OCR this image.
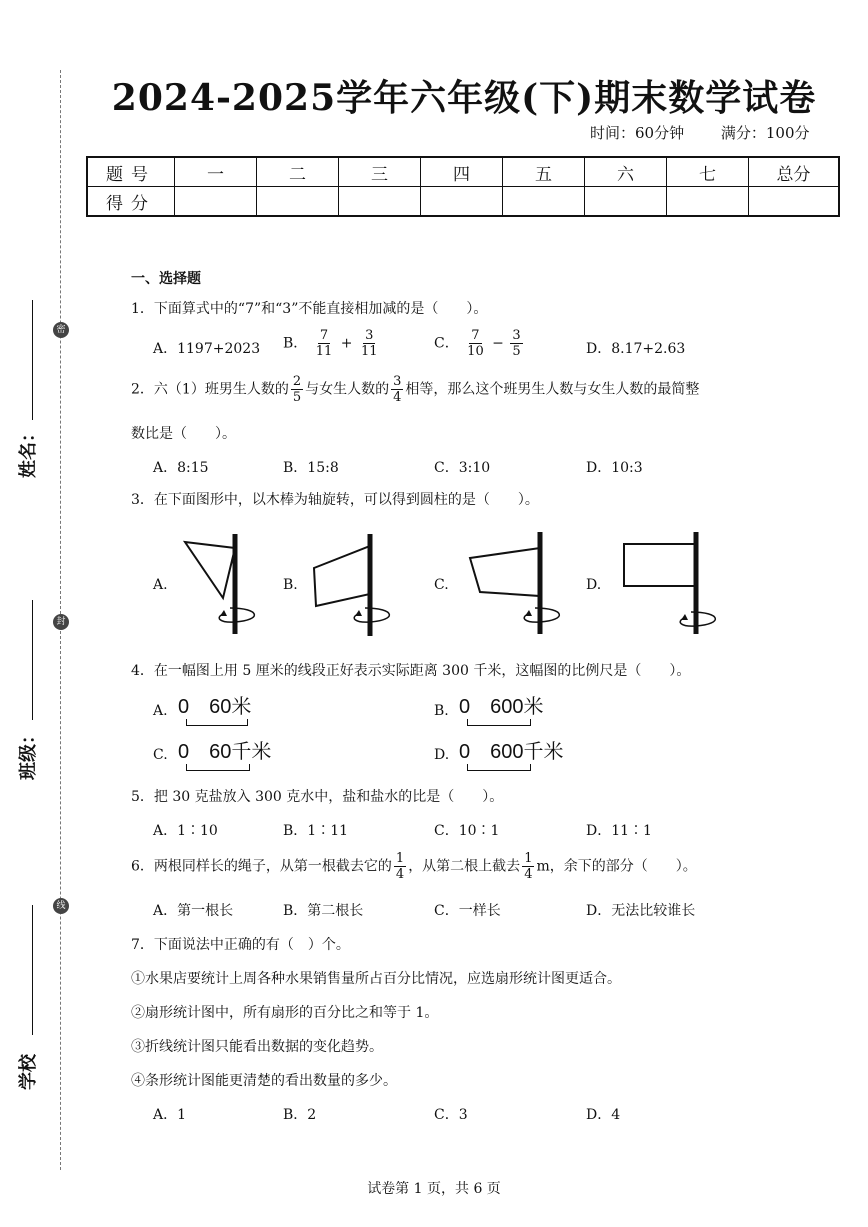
密
封
线
姓名：
班级：
学校
2024-2025学年六年级(下)期末数学试卷
时间：60分钟 满分：100分
题号	一	二	三	四	五	六	七	总分
得分								
一、选择题
1．下面算式中的“7”和“3”不能直接相加减的是（　　）。
A．1197+2023 B． $\frac{7}{11} + \frac{3}{11}$	C． $\frac{7}{10} - \frac{3}{5}$	D．8.17+2.63
2．六（1）班男生人数的 $\frac{2}{5}$ 与女生人数的 $\frac{3}{4}$ 相等，那么这个班男生人数与女生人数的最简整
数比是（　　）。
A．8:15	B．15:8	C．3:10	D．10:3
3．在下面图形中，以木棒为轴旋转，可以得到圆柱的是（　　）。
A.	B.	C.	D.
4．在一幅图上用 5 厘米的线段正好表示实际距离 300 千米，这幅图的比例尺是（　　）。
A. 0　60米	B. 0　600米
C. 0　60千米	D. 0　600千米
5．把 30 克盐放入 300 克水中，盐和盐水的比是（　　）。
A．1∶10	B．1∶11	C．10∶1	D．11∶1
6．两根同样长的绳子，从第一根截去它的 $\frac{1}{4}$ ，从第二根上截去 $\frac{1}{4}$ m，余下的部分（　　）。
A．第一根长	B．第二根长	C．一样长	D．无法比较谁长
7．下面说法中正确的有（　）个。
①水果店要统计上周各种水果销售量所占百分比情况，应选扇形统计图更适合。
②扇形统计图中，所有扇形的百分比之和等于 1。
③折线统计图只能看出数据的变化趋势。
④条形统计图能更清楚的看出数量的多少。
A．1	B．2	C．3	D．4
试卷第 1 页，共 6 页
